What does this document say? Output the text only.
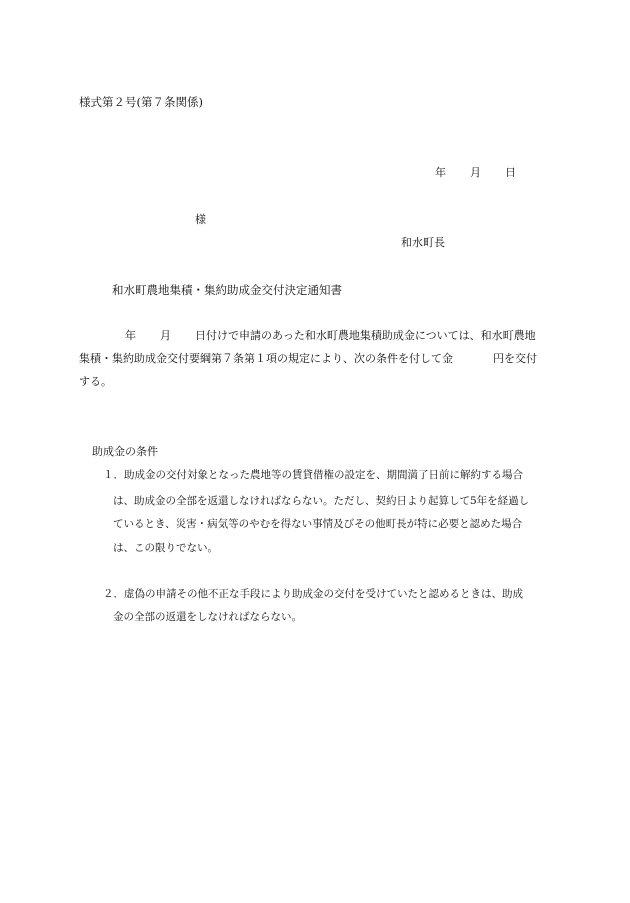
様式第２号(第７条関係)

年 月 日

様

和水町長

和水町農地集積・集約助成金交付決定通知書

年 月 日付けで申請のあった和水町農地集積助成金については、和水町農地

集積・集約助成金交付要綱第７条第１項の規定により、次の条件を付して金	円を交付

する。

助成金の条件

１．助成金の交付対象となった農地等の賃貸借権の設定を、期間満了日前に解約する場合

は、助成金の全部を返還しなければならない。ただし、契約日より起算して5年を経過し

ているとき、災害・病気等のやむを得ない事情及びその他町長が特に必要と認めた場合

は、この限りでない。

２．虚偽の申請その他不正な手段により助成金の交付を受けていたと認めるときは、助成

金の全部の返還をしなければならない。
